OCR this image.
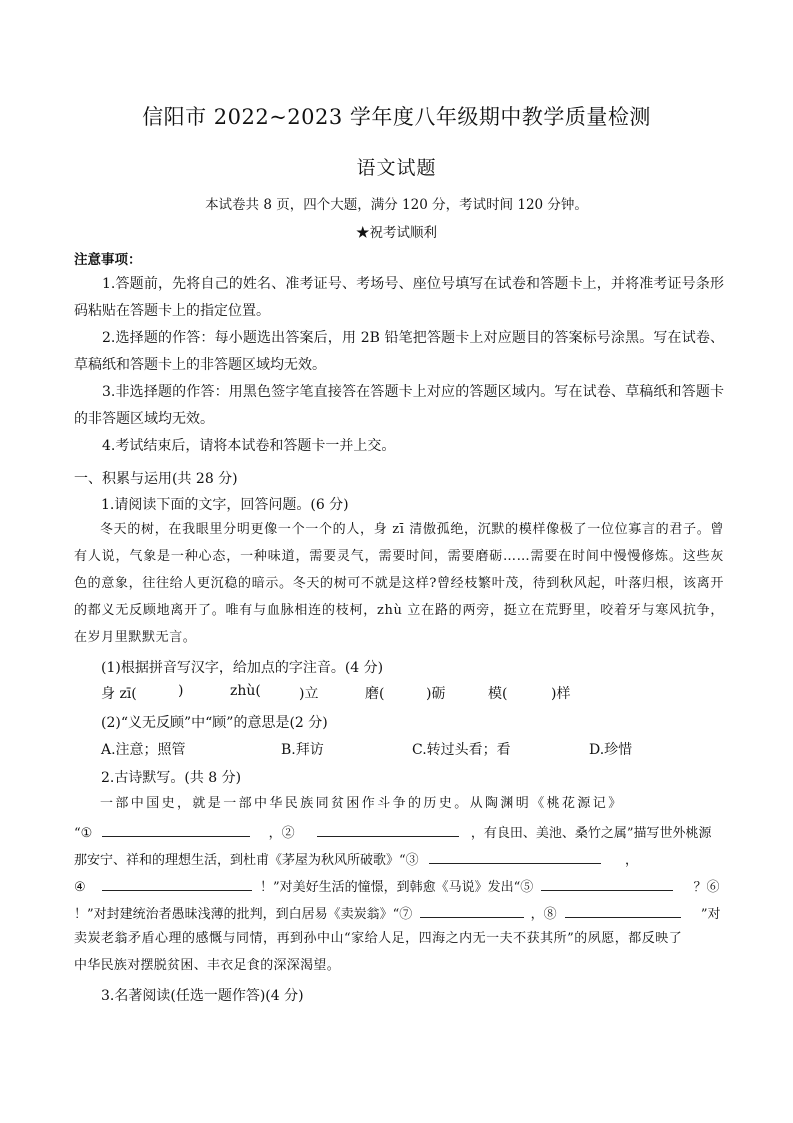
信阳市 2022~2023 学年度八年级期中教学质量检测
语文试题
本试卷共 8 页，四个大题，满分 120 分，考试时间 120 分钟。
★祝考试顺利
注意事项：
1.答题前，先将自己的姓名、准考证号、考场号、座位号填写在试卷和答题卡上，并将准考证号条形码粘贴在答题卡上的指定位置。
2.选择题的作答：每小题选出答案后，用 2B 铅笔把答题卡上对应题目的答案标号涂黑。写在试卷、草稿纸和答题卡上的非答题区域均无效。
3.非选择题的作答：用黑色签字笔直接答在答题卡上对应的答题区域内。写在试卷、草稿纸和答题卡的非答题区域均无效。
4.考试结束后，请将本试卷和答题卡一并上交。
一、积累与运用(共 28 分)
1.请阅读下面的文字，回答问题。(6 分)
冬天的树，在我眼里分明更像一个一个的人，身 zī 清傲孤绝，沉默的模样像极了一位位寡言的君子。曾有人说，气象是一种心态，一种味道，需要灵气，需要时间，需要磨砺……需要在时间中慢慢修炼。这些灰色的意象，往往给人更沉稳的暗示。冬天的树可不就是这样?曾经枝繁叶茂，待到秋风起，叶落归根，该离开的都义无反顾地离开了。唯有与血脉相连的枝柯，zhù 立在路的两旁，挺立在荒野里，咬着牙与寒风抗争，在岁月里默默无言。
(1)根据拼音写汉字，给加点的字注音。(4 分)
身 zī(	)	zhù(	)立	磨(	)砺	模(	)样
(2)“义无反顾”中“顾”的意思是(2 分)
A.注意；照管	B.拜访	C.转过头看；看	D.珍惜
2.古诗默写。(共 8 分)
一部中国史，就是一部中华民族同贫困作斗争的历史。从陶渊明《桃花源记》
“①	，②	，有良田、美池、桑竹之属”描写世外桃源
那安宁、祥和的理想生活，到杜甫《茅屋为秋风所破歌》“③	，
④	！”对美好生活的憧憬，到韩愈《马说》发出“⑤	？⑥
！”对封建统治者愚昧浅薄的批判，到白居易《卖炭翁》“⑦	，⑧	”对
卖炭老翁矛盾心理的感慨与同情，再到孙中山“家给人足，四海之内无一夫不获其所”的夙愿，都反映了
中华民族对摆脱贫困、丰衣足食的深深渴望。
3.名著阅读(任选一题作答)(4 分)
